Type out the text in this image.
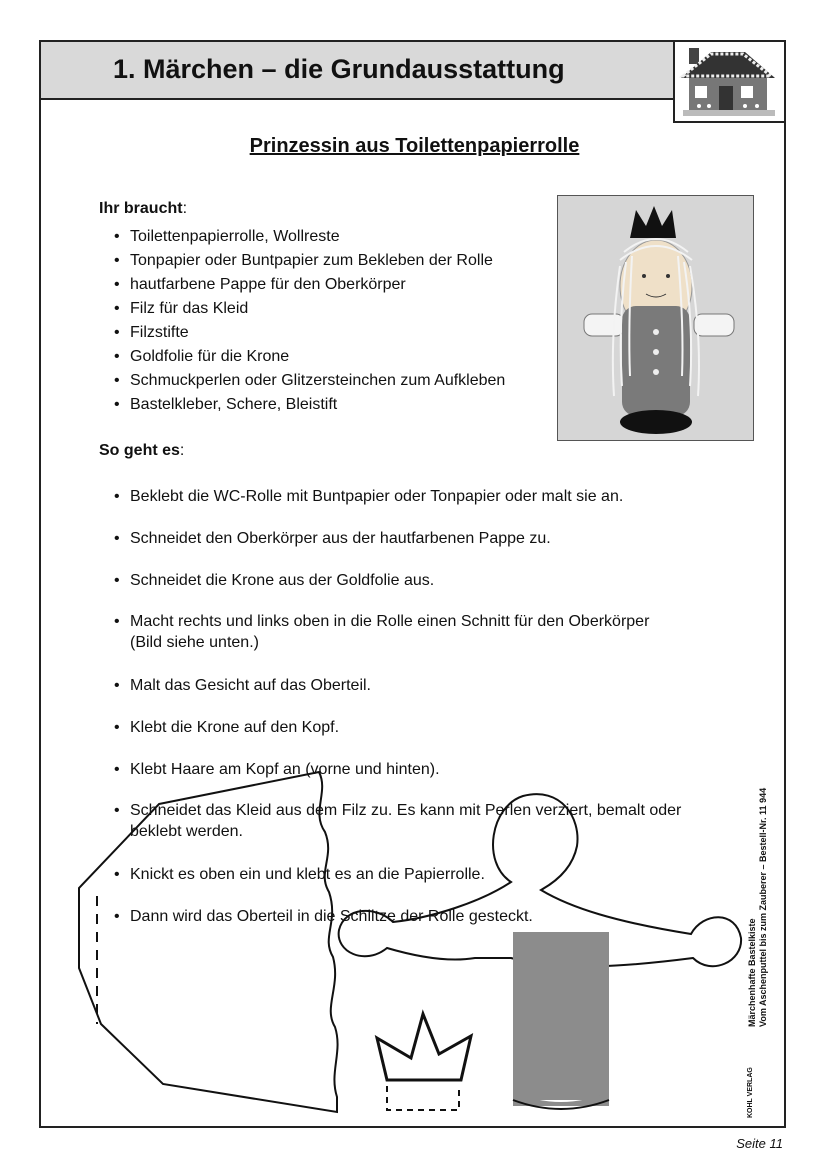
1. Märchen – die Grundausstattung
Prinzessin aus Toilettenpapierrolle
Ihr braucht:
• Toilettenpapierrolle, Wollreste
• Tonpapier oder Buntpapier zum Bekleben der Rolle
• hautfarbene Pappe für den Oberkörper
• Filz für das Kleid
• Filzstifte
• Goldfolie für die Krone
• Schmuckperlen oder Glitzersteinchen zum Aufkleben
• Bastelkleber, Schere, Bleistift
So geht es:

• Beklebt die WC-Rolle mit Buntpapier oder Tonpapier oder malt sie an.

• Schneidet den Oberkörper aus der hautfarbenen Pappe zu.

• Schneidet die Krone aus der Goldfolie aus.

• Macht rechts und links oben in die Rolle einen Schnitt für den Oberkörper
(Bild siehe unten.)

• Malt das Gesicht auf das Oberteil.

• Klebt die Krone auf den Kopf.

• Klebt Haare am Kopf an (vorne und hinten).

• Schneidet das Kleid aus dem Filz zu. Es kann mit Perlen verziert, bemalt oder
beklebt werden.

• Knickt es oben ein und klebt es an die Papierrolle.

• Dann wird das Oberteil in die Schlitze der Rolle gesteckt.

Märchenhafte Bastelkiste Vom Aschenputtel bis zum Zauberer – Bestell-Nr. 11 944
KOHL VERLAG
Seite 11
